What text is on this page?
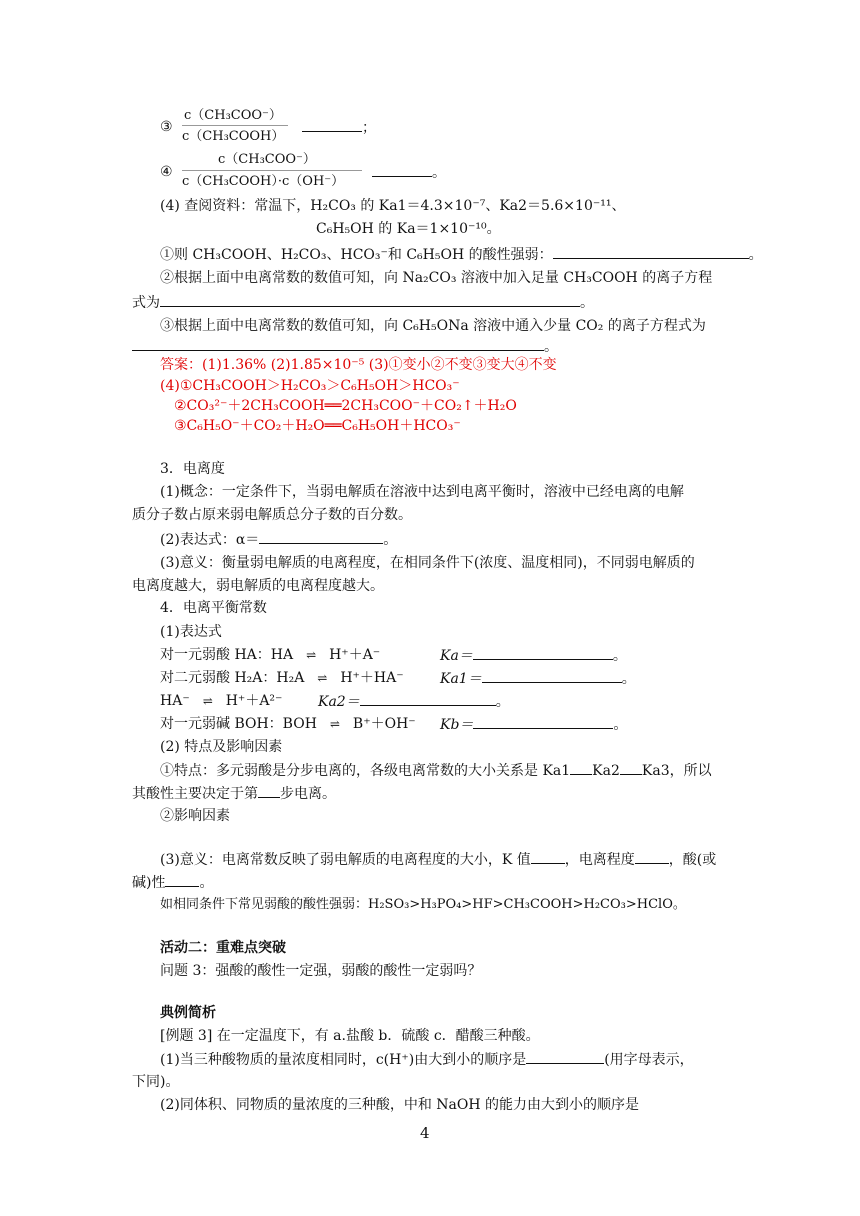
③
c（CH₃COO⁻）
c（CH₃COOH）
；
④
c（CH₃COO⁻）
c（CH₃COOH）·c（OH⁻）
。
(4) 查阅资料：常温下，H₂CO₃ 的 Ka1＝4.3×10⁻⁷、Ka2＝5.6×10⁻¹¹、
C₆H₅OH 的 Ka＝1×10⁻¹⁰。
①则 CH₃COOH、H₂CO₃、HCO₃⁻和 C₆H₅OH 的酸性强弱：	。
②根据上面中电离常数的数值可知，向 Na₂CO₃ 溶液中加入足量 CH₃COOH 的离子方程
式为	。
③根据上面中电离常数的数值可知，向 C₆H₅ONa 溶液中通入少量 CO₂ 的离子方程式为
。
答案：(1)1.36% (2)1.85×10⁻⁵ (3)①变小②不变③变大④不变
(4)①CH₃COOH＞H₂CO₃＞C₆H₅OH＞HCO₃⁻
②CO₃²⁻＋2CH₃COOH══2CH₃COO⁻＋CO₂↑＋H₂O
③C₆H₅O⁻＋CO₂＋H₂O══C₆H₅OH＋HCO₃⁻
3．电离度
(1)概念：一定条件下，当弱电解质在溶液中达到电离平衡时，溶液中已经电离的电解
质分子数占原来弱电解质总分子数的百分数。
(2)表达式：α＝	。
(3)意义：衡量弱电解质的电离程度，在相同条件下(浓度、温度相同)，不同弱电解质的
电离度越大，弱电解质的电离程度越大。
4．电离平衡常数
(1)表达式
对一元弱酸 HA：HA ⇌ H⁺＋A⁻	Ka＝	。
对二元弱酸 H₂A：H₂A ⇌ H⁺＋HA⁻	Ka1＝	。
HA⁻ ⇌ H⁺＋A²⁻	Ka2＝	。
对一元弱碱 BOH：BOH ⇌ B⁺＋OH⁻ Kb＝	。
(2) 特点及影响因素
①特点：多元弱酸是分步电离的，各级电离常数的大小关系是 Ka1 Ka2 Ka3，所以
其酸性主要决定于第 步电离。
②影响因素
(3)意义：电离常数反映了弱电解质的电离程度的大小，K 值 ，电离程度 ，酸(或
碱)性 。
如相同条件下常见弱酸的酸性强弱：H₂SO₃>H₃PO₄>HF>CH₃COOH>H₂CO₃>HClO。
活动二：重难点突破
问题 3：强酸的酸性一定强，弱酸的酸性一定弱吗？
典例简析
[例题 3] 在一定温度下，有 a.盐酸 b．硫酸 c．醋酸三种酸。
(1)当三种酸物质的量浓度相同时，c(H⁺)由大到小的顺序是	(用字母表示，
下同)。
(2)同体积、同物质的量浓度的三种酸，中和 NaOH 的能力由大到小的顺序是
4
